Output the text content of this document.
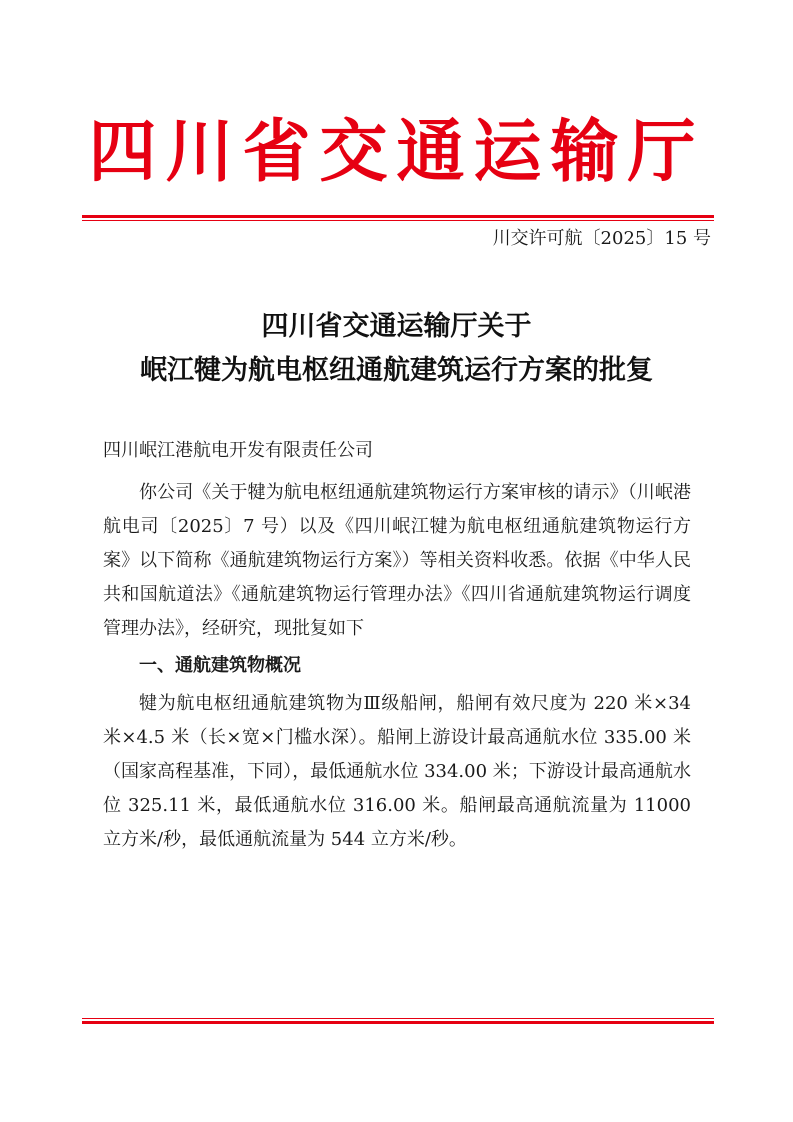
四川省交通运输厅
川交许可航〔2025〕15 号
四川省交通运输厅关于
岷江犍为航电枢纽通航建筑运行方案的批复
四川岷江港航电开发有限责任公司

你公司《关于犍为航电枢纽通航建筑物运行方案审核的请示》（川岷港航电司〔2025〕7 号）以及《四川岷江犍为航电枢纽通航建筑物运行方案》以下简称《通航建筑物运行方案》）等相关资料收悉。依据《中华人民共和国航道法》《通航建筑物运行管理办法》《四川省通航建筑物运行调度管理办法》，经研究，现批复如下

一、通航建筑物概况

犍为航电枢纽通航建筑物为Ⅲ级船闸，船闸有效尺度为 220 米×34 米×4.5 米（长×宽×门槛水深）。船闸上游设计最高通航水位 335.00 米（国家高程基准，下同），最低通航水位 334.00 米；下游设计最高通航水位 325.11 米，最低通航水位 316.00 米。船闸最高通航流量为 11000 立方米/秒，最低通航流量为 544 立方米/秒。
